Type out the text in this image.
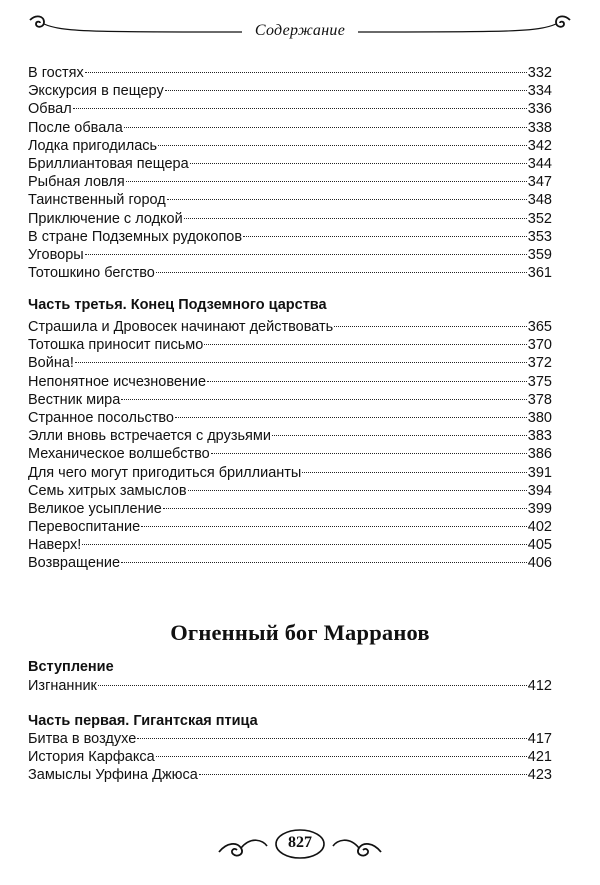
Содержание
В гостях	332
Экскурсия в пещеру	334
Обвал	336
После обвала	338
Лодка пригодилась	342
Бриллиантовая пещера	344
Рыбная ловля	347
Таинственный город	348
Приключение с лодкой	352
В стране Подземных рудокопов	353
Уговоры	359
Тотошкино бегство	361
Часть третья. Конец Подземного царства
Страшила и Дровосек начинают действовать	365
Тотошка приносит письмо	370
Война!	372
Непонятное исчезновение	375
Вестник мира	378
Странное посольство	380
Элли вновь встречается с друзьями	383
Механическое волшебство	386
Для чего могут пригодиться бриллианты	391
Семь хитрых замыслов	394
Великое усыпление	399
Перевоспитание	402
Наверх!	405
Возвращение	406
Огненный бог Марранов
Вступление
Изгнанник	412
Часть первая. Гигантская птица
Битва в воздухе	417
История Карфакса	421
Замыслы Урфина Джюса	423
827
